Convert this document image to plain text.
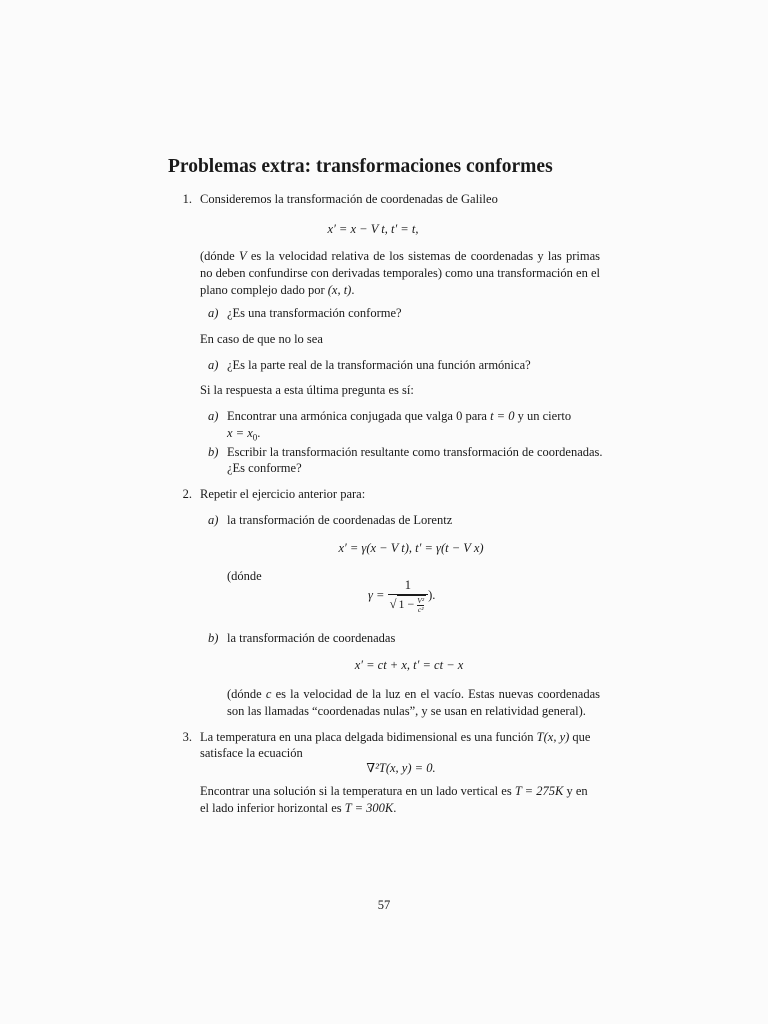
Problemas extra: transformaciones conformes
1. Consideremos la transformación de coordenadas de Galileo
x′ = x − V t, t′ = t,
(dónde V es la velocidad relativa de los sistemas de coordenadas y las primas no deben confundirse con derivadas temporales) como una transformación en el plano complejo dado por (x, t).
a) ¿Es una transformación conforme?
En caso de que no lo sea
a) ¿Es la parte real de la transformación una función armónica?
Si la respuesta a esta última pregunta es sí:
a) Encontrar una armónica conjugada que valga 0 para t = 0 y un cierto
$x = x_0$.
b) Escribir la transformación resultante como transformación de coordenadas.
¿Es conforme?
2. Repetir el ejercicio anterior para:
a) la transformación de coordenadas de Lorentz
x′ = γ(x − V t), t′ = γ(t − V x)
(dónde
$\gamma = \frac{1}{√ 1 - \frac{\text{V²}}{\text{c²}}}$ ).
b) la transformación de coordenadas
x′ = ct + x, t′ = ct − x
(dónde c es la velocidad de la luz en el vacío. Estas nuevas coordenadas son las llamadas “coordenadas nulas”, y se usan en relatividad general).
3. La temperatura en una placa delgada bidimensional es una función T(x, y) que
satisface la ecuación
∇²T(x, y) = 0.
Encontrar una solución si la temperatura en un lado vertical es T = 275K y en
el lado inferior horizontal es T = 300K.
57
